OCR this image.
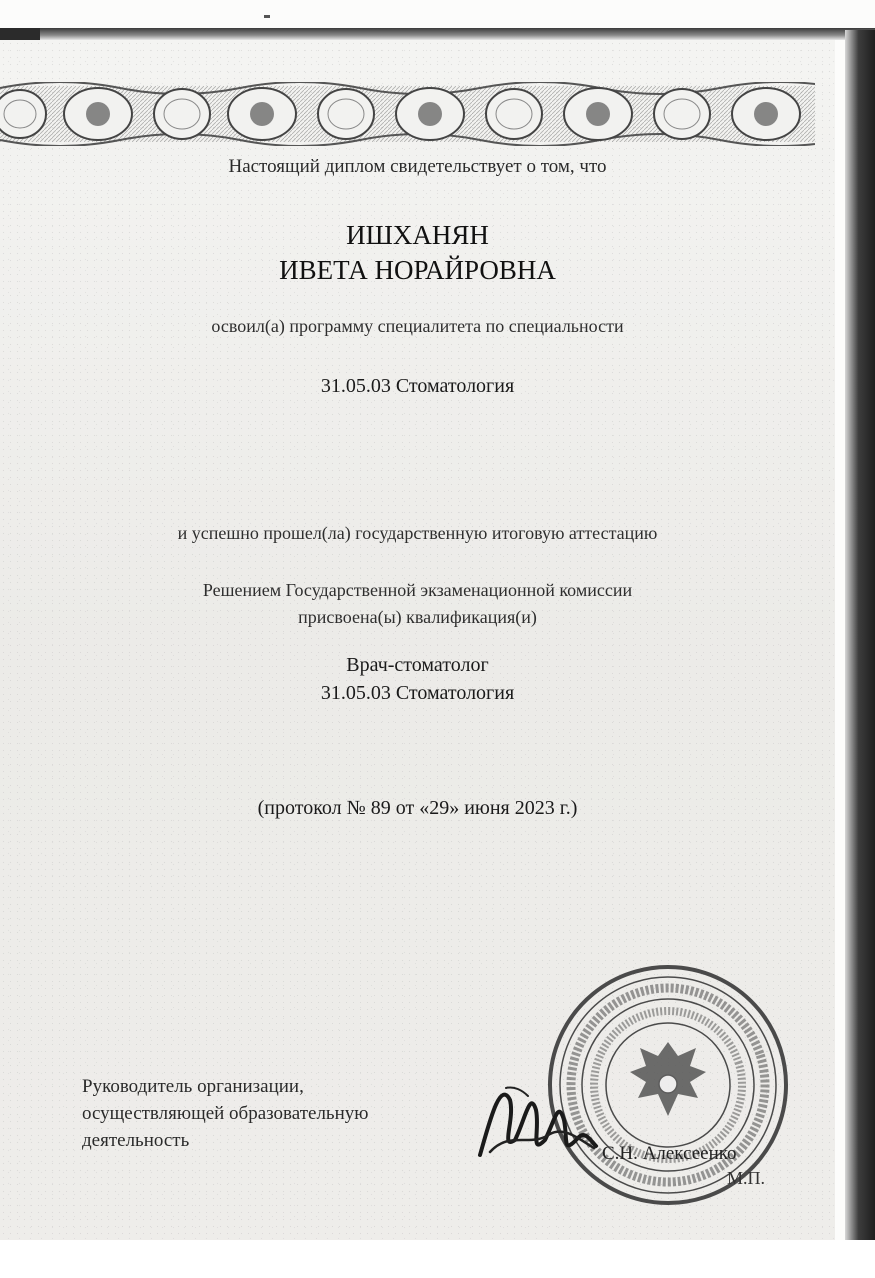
Настоящий диплом свидетельствует о том, что
ИШХАНЯН
ИВЕТА НОРАЙРОВНА
освоил(а) программу специалитета по специальности
31.05.03 Стоматология
и успешно прошел(ла) государственную итоговую аттестацию
Решением Государственной экзаменационной комиссии
присвоена(ы) квалификация(и)
Врач-стоматолог
31.05.03 Стоматология
(протокол № 89 от «29» июня 2023 г.)
Руководитель организации,
осуществляющей образовательную
деятельность
С.Н. Алексеенко
М.П.
